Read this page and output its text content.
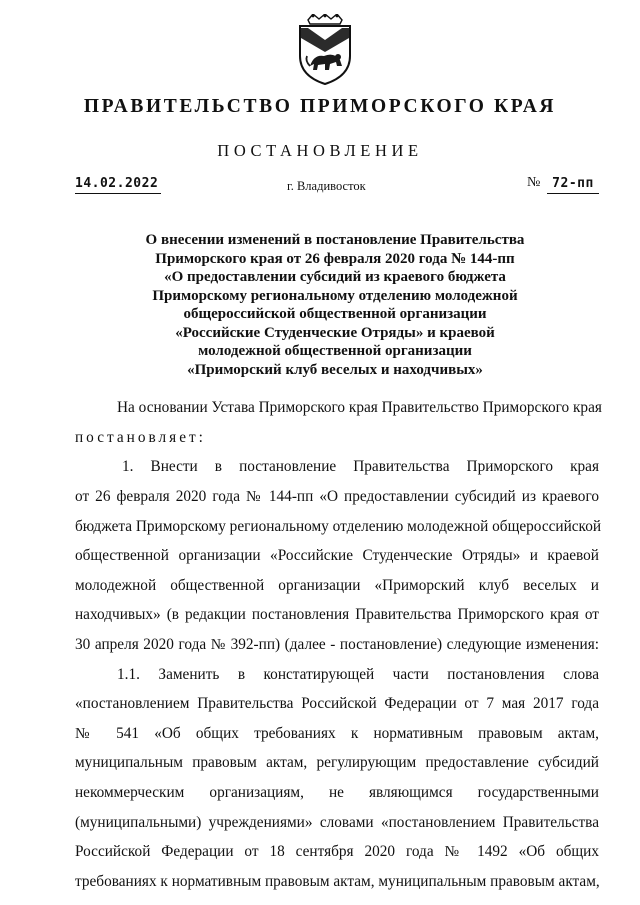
ПРАВИТЕЛЬСТВО ПРИМОРСКОГО КРАЯ
ПОСТАНОВЛЕНИЕ
14.02.2022	г. Владивосток	№ 72-пп
О внесении изменений в постановление Правительства
Приморского края от 26 февраля 2020 года № 144-пп
«О предоставлении субсидий из краевого бюджета
Приморскому региональному отделению молодежной
общероссийской общественной организации
«Российские Студенческие Отряды» и краевой
молодежной общественной организации
«Приморский клуб веселых и находчивых»
На основании Устава Приморского края Правительство Приморского края
постановляет:
1. Внести в постановление Правительства Приморского края
от 26 февраля 2020 года № 144-пп «О предоставлении субсидий из краевого
бюджета Приморскому региональному отделению молодежной общероссийской
общественной организации «Российские Студенческие Отряды» и краевой
молодежной общественной организации «Приморский клуб веселых и
находчивых» (в редакции постановления Правительства Приморского края от
30 апреля 2020 года № 392-пп) (далее - постановление) следующие изменения:
1.1. Заменить в констатирующей части постановления слова
«постановлением Правительства Российской Федерации от 7 мая 2017 года
№ 541 «Об общих требованиях к нормативным правовым актам,
муниципальным правовым актам, регулирующим предоставление субсидий
некоммерческим организациям, не являющимся государственными
(муниципальными) учреждениями» словами «постановлением Правительства
Российской Федерации от 18 сентября 2020 года № 1492 «Об общих
требованиях к нормативным правовым актам, муниципальным правовым актам,
